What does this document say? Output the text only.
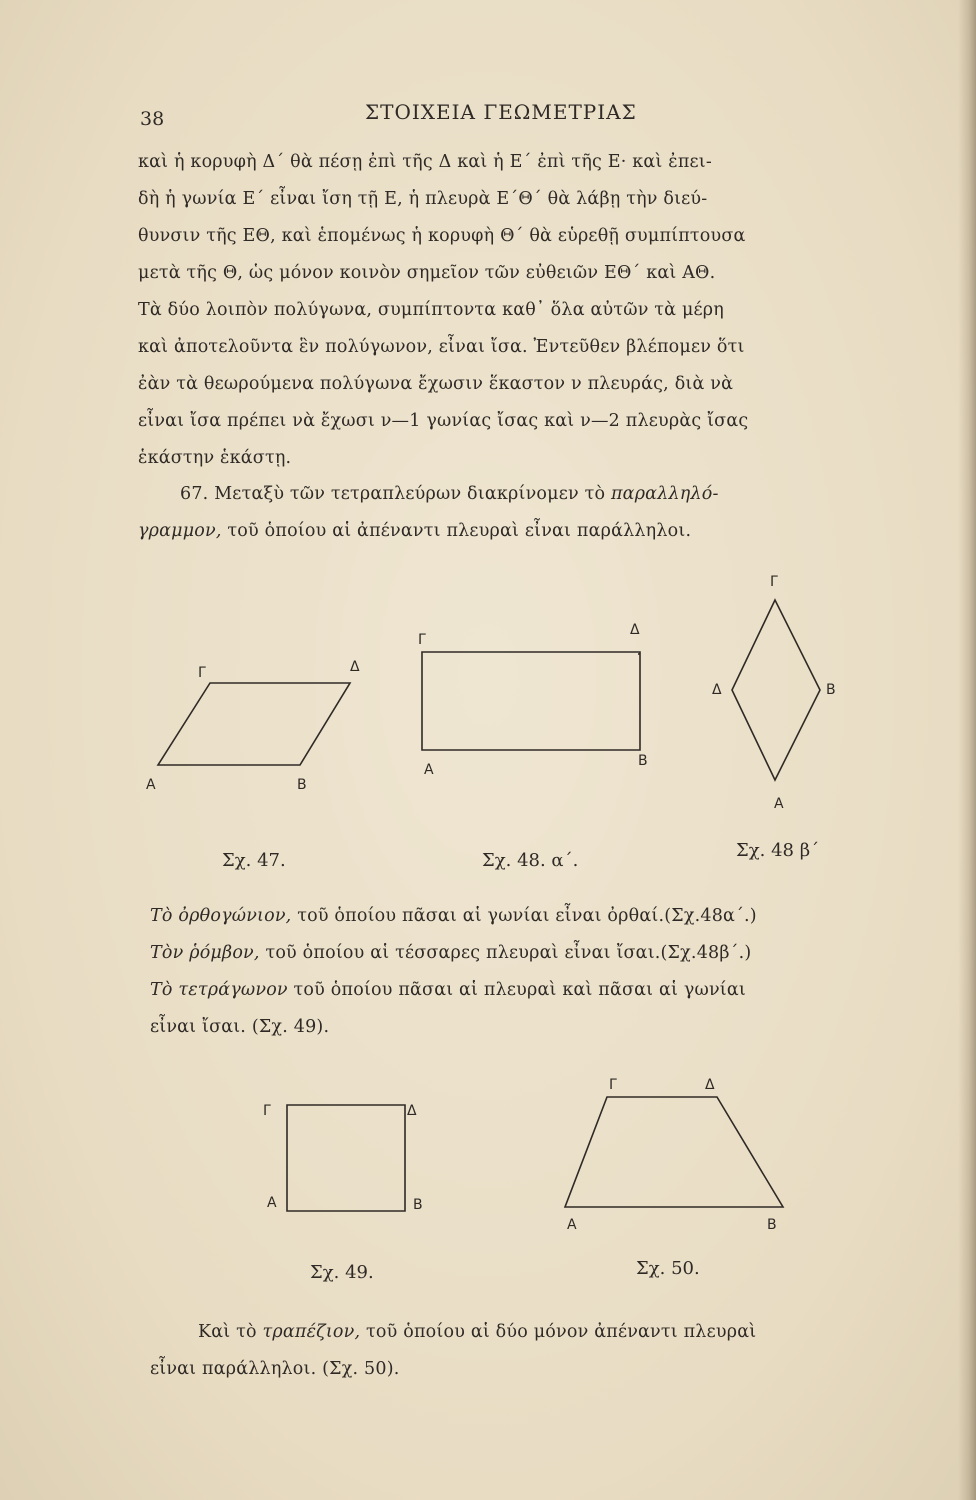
38	ΣΤΟΙΧΕΙΑ ΓΕΩΜΕΤΡΙΑΣ
καὶ ἡ κορυφὴ Δ΄ θὰ πέσῃ ἐπὶ τῆς Δ καὶ ἡ Ε΄ ἐπὶ τῆς Ε· καὶ ἐπει-
δὴ ἡ γωνία Ε΄ εἶναι ἴση τῇ Ε, ἡ πλευρὰ Ε΄Θ΄ θὰ λάβῃ τὴν διεύ-
θυνσιν τῆς ΕΘ, καὶ ἑπομένως ἡ κορυφὴ Θ΄ θὰ εὑρεθῇ συμπίπτουσα
μετὰ τῆς Θ, ὡς μόνον κοινὸν σημεῖον τῶν εὐθειῶν ΕΘ΄ καὶ ΑΘ.
Τὰ δύο λοιπὸν πολύγωνα, συμπίπτοντα καθ᾿ ὅλα αὐτῶν τὰ μέρη
καὶ ἀποτελοῦντα ἓν πολύγωνον, εἶναι ἴσα. Ἐντεῦθεν βλέπομεν ὅτι
ἐὰν τὰ θεωρούμενα πολύγωνα ἔχωσιν ἕκαστον ν πλευράς, διὰ νὰ
εἶναι ἴσα πρέπει νὰ ἔχωσι ν—1 γωνίας ἴσας καὶ ν—2 πλευρὰς ἴσας
ἑκάστην ἑκάστῃ.
67. Μεταξὺ τῶν τετραπλεύρων διακρίνομεν τὸ παραλληλό-
γραμμον, τοῦ ὁποίου αἱ ἀπέναντι πλευραὶ εἶναι παράλληλοι.
Γ	Δ
Α	Β
Σχ. 47.
Γ
Δ
Α
Β
Σχ. 48. α΄.
Γ
Δ	Β
Α
Σχ. 48 β΄
Τὸ ὀρθογώνιον, τοῦ ὁποίου πᾶσαι αἱ γωνίαι εἶναι ὀρθαί.(Σχ.48α΄.)
Τὸν ῥόμβον, τοῦ ὁποίου αἱ τέσσαρες πλευραὶ εἶναι ἴσαι.(Σχ.48β΄.)
Τὸ τετράγωνον τοῦ ὁποίου πᾶσαι αἱ πλευραὶ καὶ πᾶσαι αἱ γωνίαι
εἶναι ἴσαι. (Σχ. 49).
Γ	Δ
Α	Β
Σχ. 49.
Γ	Δ
Α	Β
Σχ. 50.
Καὶ τὸ τραπέζιον, τοῦ ὁποίου αἱ δύο μόνον ἀπέναντι πλευραὶ
εἶναι παράλληλοι. (Σχ. 50).
